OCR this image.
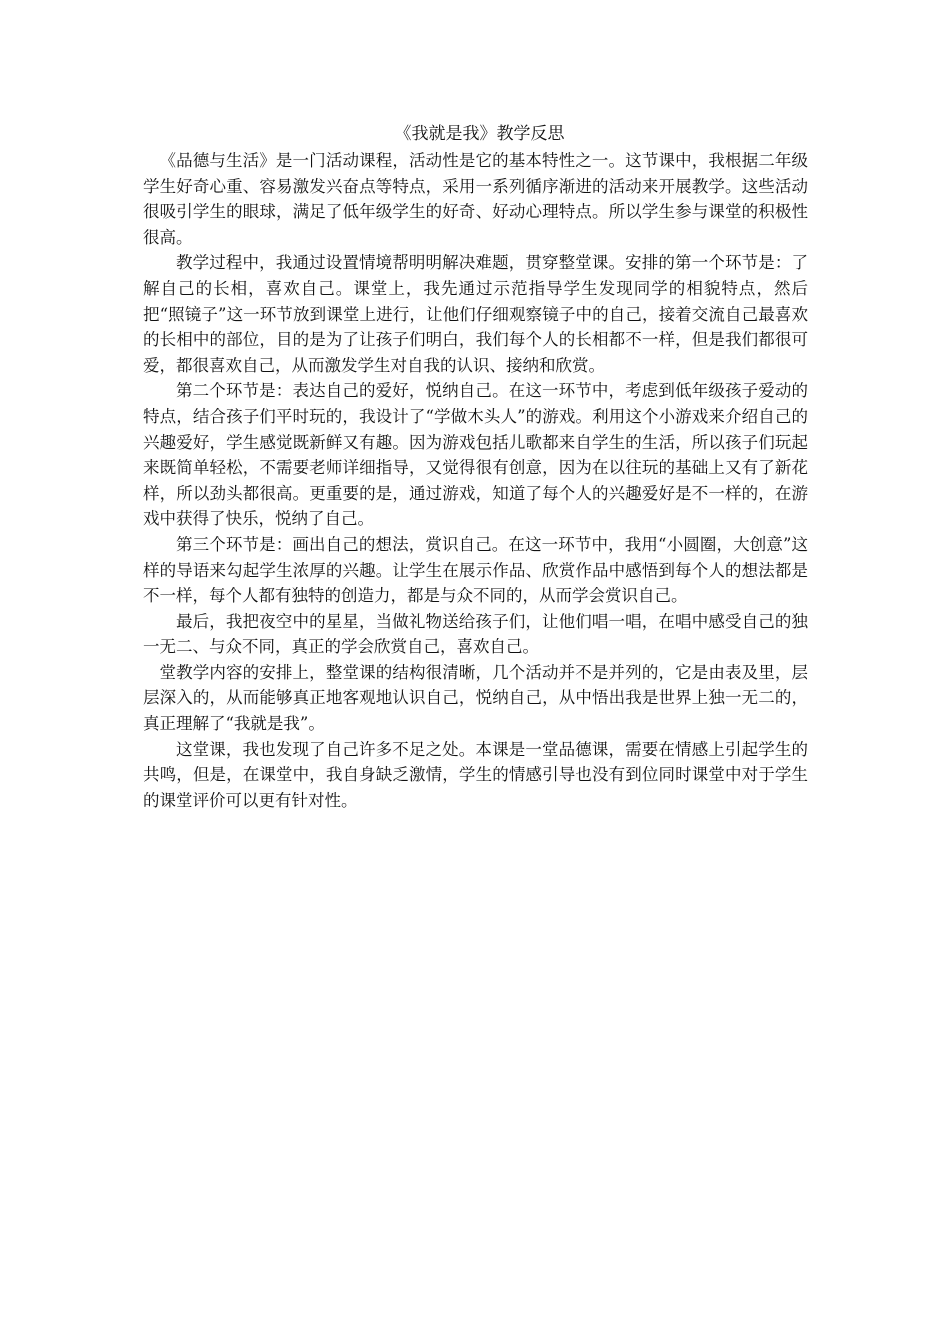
《我就是我》教学反思

《品德与生活》是一门活动课程，活动性是它的基本特性之一。这节课中，我根据二年级学生好奇心重、容易激发兴奋点等特点，采用一系列循序渐进的活动来开展教学。这些活动很吸引学生的眼球，满足了低年级学生的好奇、好动心理特点。所以学生参与课堂的积极性很高。

教学过程中，我通过设置情境帮明明解决难题，贯穿整堂课。安排的第一个环节是：了解自己的长相，喜欢自己。课堂上，我先通过示范指导学生发现同学的相貌特点，然后把“照镜子”这一环节放到课堂上进行，让他们仔细观察镜子中的自己，接着交流自己最喜欢的长相中的部位，目的是为了让孩子们明白，我们每个人的长相都不一样，但是我们都很可爱，都很喜欢自己，从而激发学生对自我的认识、接纳和欣赏。

第二个环节是：表达自己的爱好，悦纳自己。在这一环节中，考虑到低年级孩子爱动的特点，结合孩子们平时玩的，我设计了“学做木头人”的游戏。利用这个小游戏来介绍自己的兴趣爱好，学生感觉既新鲜又有趣。因为游戏包括儿歌都来自学生的生活，所以孩子们玩起来既简单轻松，不需要老师详细指导，又觉得很有创意，因为在以往玩的基础上又有了新花样，所以劲头都很高。更重要的是，通过游戏，知道了每个人的兴趣爱好是不一样的，在游戏中获得了快乐，悦纳了自己。

第三个环节是：画出自己的想法，赏识自己。在这一环节中，我用“小圆圈，大创意”这样的导语来勾起学生浓厚的兴趣。让学生在展示作品、欣赏作品中感悟到每个人的想法都是不一样，每个人都有独特的创造力，都是与众不同的，从而学会赏识自己。

最后，我把夜空中的星星，当做礼物送给孩子们，让他们唱一唱，在唱中感受自己的独一无二、与众不同，真正的学会欣赏自己，喜欢自己。

堂教学内容的安排上，整堂课的结构很清晰，几个活动并不是并列的，它是由表及里，层层深入的，从而能够真正地客观地认识自己，悦纳自己，从中悟出我是世界上独一无二的，真正理解了“我就是我”。

这堂课，我也发现了自己许多不足之处。本课是一堂品德课，需要在情感上引起学生的共鸣，但是，在课堂中，我自身缺乏激情，学生的情感引导也没有到位同时课堂中对于学生的课堂评价可以更有针对性。
